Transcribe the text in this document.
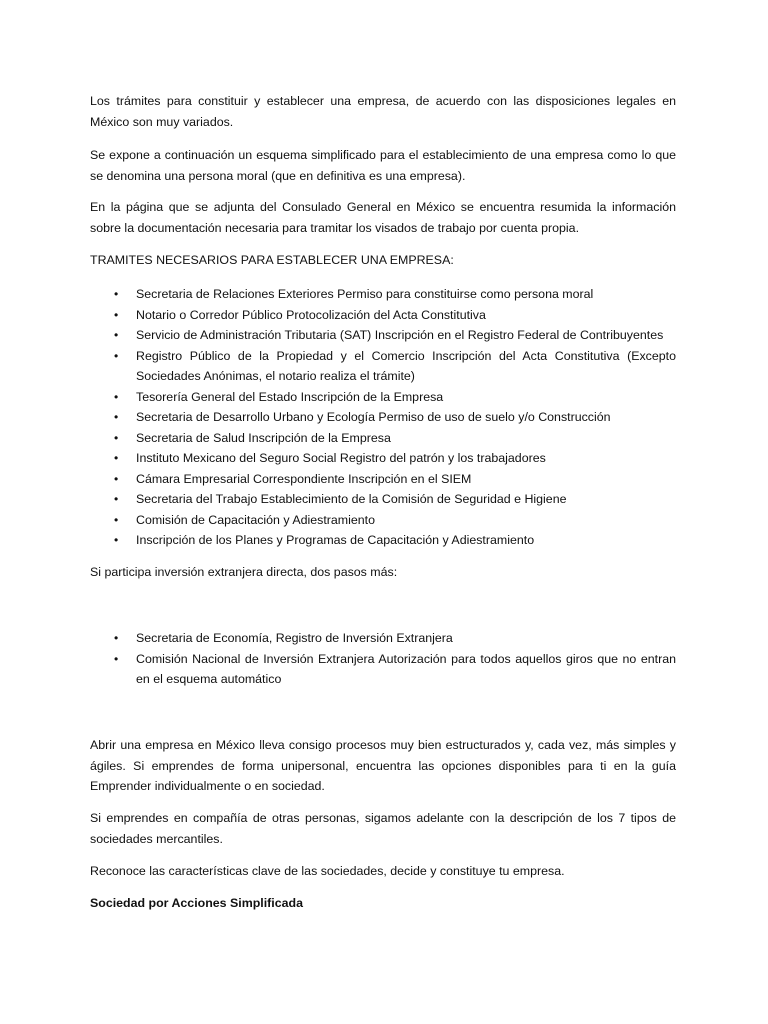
Los trámites para constituir y establecer una empresa, de acuerdo con las disposiciones legales en México son muy variados.

Se expone a continuación un esquema simplificado para el establecimiento de una empresa como lo que se denomina una persona moral (que en definitiva es una empresa).

En la página que se adjunta del Consulado General en México se encuentra resumida la información sobre la documentación necesaria para tramitar los visados de trabajo por cuenta propia.

TRAMITES NECESARIOS PARA ESTABLECER UNA EMPRESA:

• Secretaria de Relaciones Exteriores Permiso para constituirse como persona moral
• Notario o Corredor Público Protocolización del Acta Constitutiva
• Servicio de Administración Tributaria (SAT) Inscripción en el Registro Federal de Contribuyentes
• Registro Público de la Propiedad y el Comercio Inscripción del Acta Constitutiva (Excepto Sociedades Anónimas, el notario realiza el trámite)
• Tesorería General del Estado Inscripción de la Empresa
• Secretaria de Desarrollo Urbano y Ecología Permiso de uso de suelo y/o Construcción
• Secretaria de Salud Inscripción de la Empresa
• Instituto Mexicano del Seguro Social Registro del patrón y los trabajadores
• Cámara Empresarial Correspondiente Inscripción en el SIEM
• Secretaria del Trabajo Establecimiento de la Comisión de Seguridad e Higiene
• Comisión de Capacitación y Adiestramiento
• Inscripción de los Planes y Programas de Capacitación y Adiestramiento

Si participa inversión extranjera directa, dos pasos más:

• Secretaria de Economía, Registro de Inversión Extranjera
• Comisión Nacional de Inversión Extranjera Autorización para todos aquellos giros que no entran en el esquema automático

Abrir una empresa en México lleva consigo procesos muy bien estructurados y, cada vez, más simples y ágiles. Si emprendes de forma unipersonal, encuentra las opciones disponibles para ti en la guía Emprender individualmente o en sociedad.

Si emprendes en compañía de otras personas, sigamos adelante con la descripción de los 7 tipos de sociedades mercantiles.

Reconoce las características clave de las sociedades, decide y constituye tu empresa.

Sociedad por Acciones Simplificada
